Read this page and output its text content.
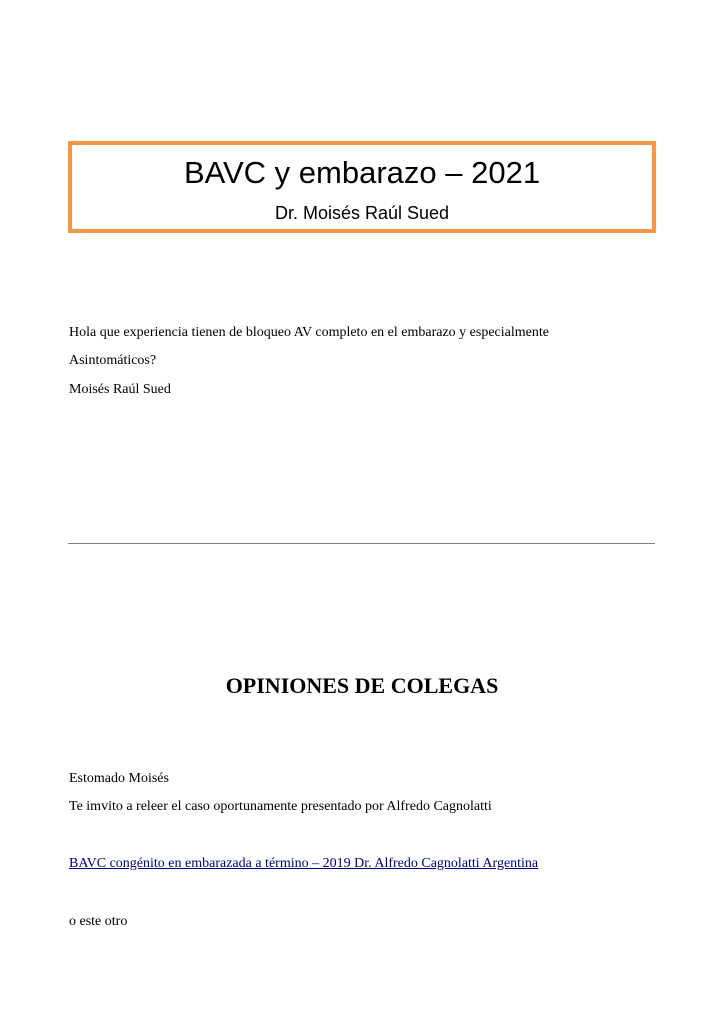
BAVC y embarazo – 2021
Dr. Moisés Raúl Sued
Hola que experiencia tienen de bloqueo AV completo en el embarazo y especialmente
Asintomáticos?
Moisés Raúl Sued
OPINIONES DE COLEGAS
Estomado Moisés
Te imvito a releer el caso oportunamente presentado por Alfredo Cagnolatti
BAVC congénito en embarazada a término – 2019 Dr. Alfredo Cagnolatti Argentina
o este otro
